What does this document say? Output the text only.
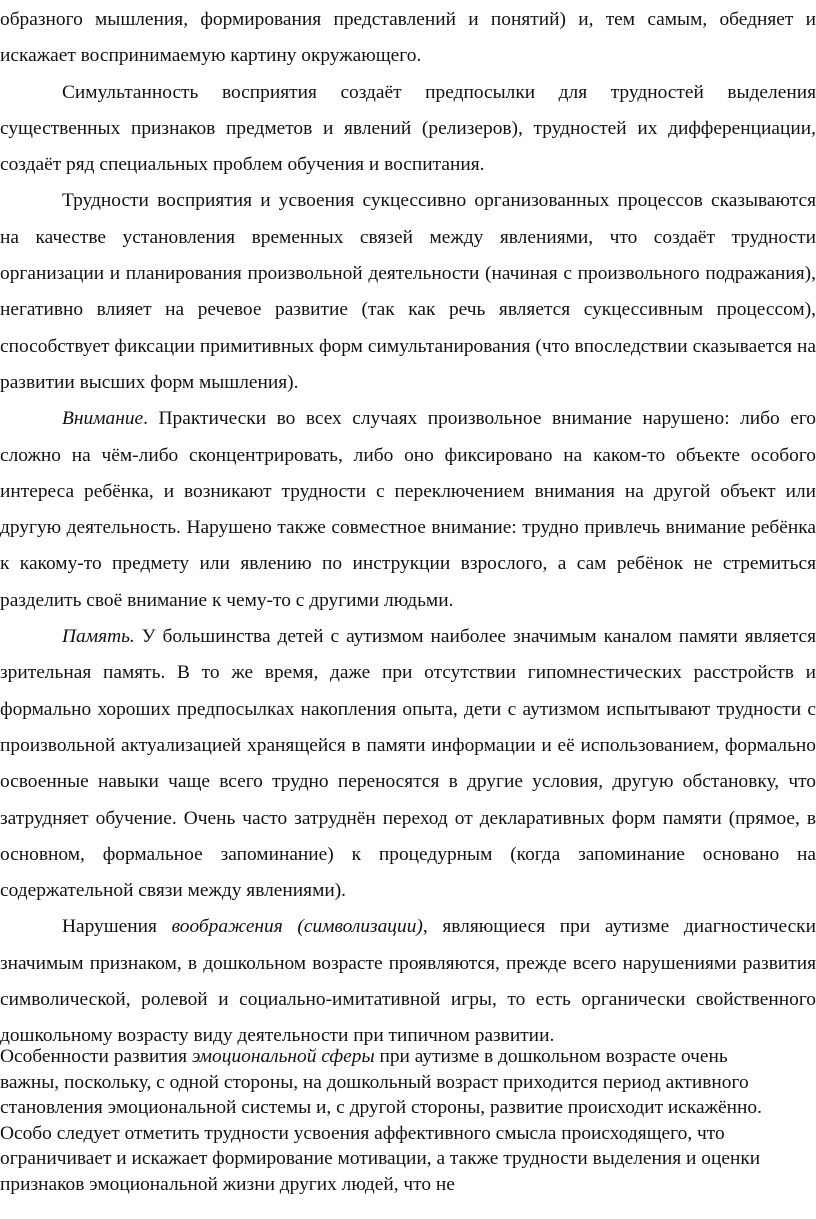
образного мышления, формирования представлений и понятий) и, тем самым, обедняет и искажает воспринимаемую картину окружающего.

Симультанность восприятия создаёт предпосылки для трудностей выделения существенных признаков предметов и явлений (релизеров), трудностей их дифференциации, создаёт ряд специальных проблем обучения и воспитания.

Трудности восприятия и усвоения сукцессивно организованных процессов сказываются на качестве установления временных связей между явлениями, что создаёт трудности организации и планирования произвольной деятельности (начиная с произвольного подражания), негативно влияет на речевое развитие (так как речь является сукцессивным процессом), способствует фиксации примитивных форм симультанирования (что впоследствии сказывается на развитии высших форм мышления).

Внимание. Практически во всех случаях произвольное внимание нарушено: либо его сложно на чём-либо сконцентрировать, либо оно фиксировано на каком-то объекте особого интереса ребёнка, и возникают трудности с переключением внимания на другой объект или другую деятельность. Нарушено также совместное внимание: трудно привлечь внимание ребёнка к какому-то предмету или явлению по инструкции взрослого, а сам ребёнок не стремиться разделить своё внимание к чему-то с другими людьми.

Память. У большинства детей с аутизмом наиболее значимым каналом памяти является зрительная память. В то же время, даже при отсутствии гипомнестических расстройств и формально хороших предпосылках накопления опыта, дети с аутизмом испытывают трудности с произвольной актуализацией хранящейся в памяти информации и её использованием, формально освоенные навыки чаще всего трудно переносятся в другие условия, другую обстановку, что затрудняет обучение. Очень часто затруднён переход от декларативных форм памяти (прямое, в основном, формальное запоминание) к процедурным (когда запоминание основано на содержательной связи между явлениями).

Нарушения воображения (символизации), являющиеся при аутизме диагностически значимым признаком, в дошкольном возрасте проявляются, прежде всего нарушениями развития символической, ролевой и социально-имитативной игры, то есть органически свойственного дошкольному возрасту виду деятельности при типичном развитии.

Особенности развития эмоциональной сферы при аутизме в дошкольном возрасте очень важны, поскольку, с одной стороны, на дошкольный возраст приходится период активного становления эмоциональной системы и, с другой стороны, развитие происходит искажённо. Особо следует отметить трудности усвоения аффективного смысла происходящего, что ограничивает и искажает формирование мотивации, а также трудности выделения и оценки признаков эмоциональной жизни других людей, что не
